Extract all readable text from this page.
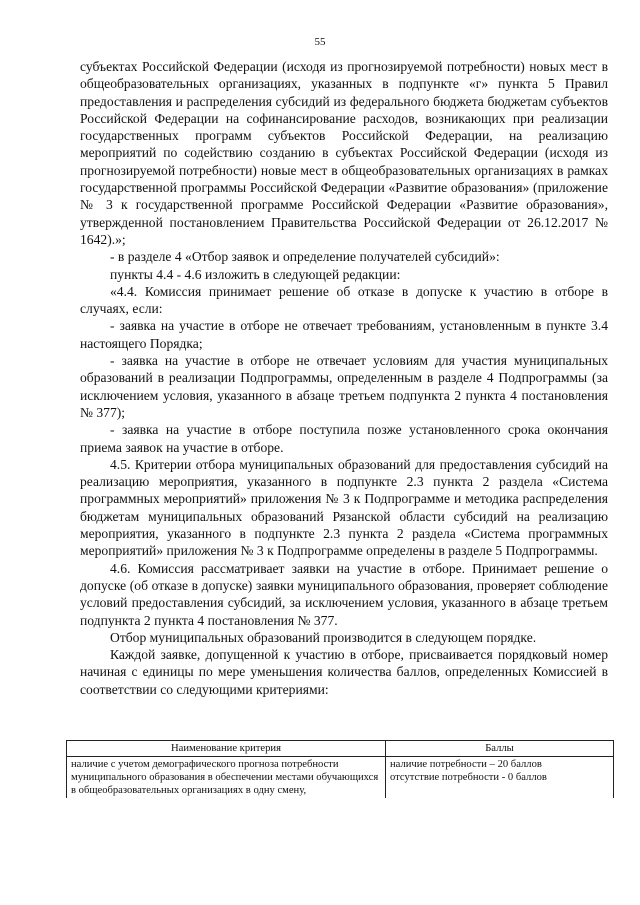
55

субъектах Российской Федерации (исходя из прогнозируемой потребности) новых мест в общеобразовательных организациях, указанных в подпункте «г» пункта 5 Правил предоставления и распределения субсидий из федерального бюджета бюджетам субъектов Российской Федерации на софинансирование расходов, возникающих при реализации государственных программ субъектов Российской Федерации, на реализацию мероприятий по содействию созданию в субъектах Российской Федерации (исходя из прогнозируемой потребности) новые мест в общеобразовательных организациях в рамках государственной программы Российской Федерации «Развитие образования» (приложение № 3 к государственной программе Российской Федерации «Развитие образования», утвержденной постановлением Правительства Российской Федерации от 26.12.2017 № 1642).»;

- в разделе 4 «Отбор заявок и определение получателей субсидий»:

пункты 4.4 - 4.6 изложить в следующей редакции:

«4.4. Комиссия принимает решение об отказе в допуске к участию в отборе в случаях, если:

- заявка на участие в отборе не отвечает требованиям, установленным в пункте 3.4 настоящего Порядка;

- заявка на участие в отборе не отвечает условиям для участия муниципальных образований в реализации Подпрограммы, определенным в разделе 4 Подпрограммы (за исключением условия, указанного в абзаце третьем подпункта 2 пункта 4 постановления № 377);

- заявка на участие в отборе поступила позже установленного срока окончания приема заявок на участие в отборе.

4.5. Критерии отбора муниципальных образований для предоставления субсидий на реализацию мероприятия, указанного в подпункте 2.3 пункта 2 раздела «Система программных мероприятий» приложения № 3 к Подпрограмме и методика распределения бюджетам муниципальных образований Рязанской области субсидий на реализацию мероприятия, указанного в подпункте 2.3 пункта 2 раздела «Система программных мероприятий» приложения № 3 к Подпрограмме определены в разделе 5 Подпрограммы.

4.6. Комиссия рассматривает заявки на участие в отборе. Принимает решение о допуске (об отказе в допуске) заявки муниципального образования, проверяет соблюдение условий предоставления субсидий, за исключением условия, указанного в абзаце третьем подпункта 2 пункта 4 постановления № 377.

Отбор муниципальных образований производится в следующем порядке.

Каждой заявке, допущенной к участию в отборе, присваивается порядковый номер начиная с единицы по мере уменьшения количества баллов, определенных Комиссией в соответствии со следующими критериями:

Наименование критерия	Баллы
наличие с учетом демографического прогноза потребности муниципального образования в обеспечении местами обучающихся в общеобразовательных организациях в одну смену,	наличие потребности – 20 баллов
отсутствие потребности - 0 баллов
